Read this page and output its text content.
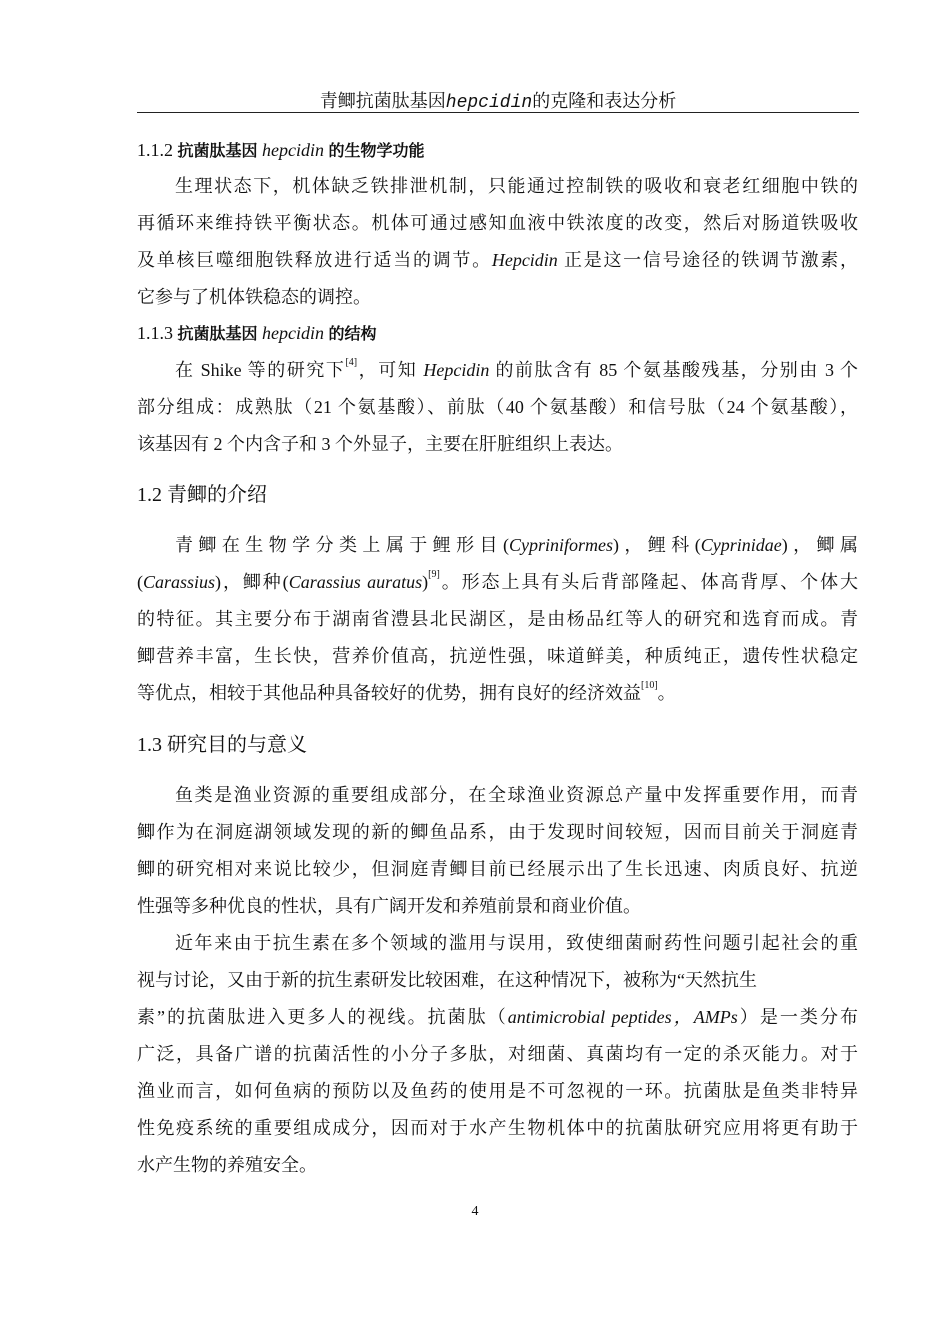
青鲫抗菌肽基因hepcidin的克隆和表达分析
1.1.2 抗菌肽基因 hepcidin 的生物学功能
生理状态下，机体缺乏铁排泄机制，只能通过控制铁的吸收和衰老红细胞中铁的
再循环来维持铁平衡状态。机体可通过感知血液中铁浓度的改变，然后对肠道铁吸收
及单核巨噬细胞铁释放进行适当的调节。Hepcidin 正是这一信号途径的铁调节激素，
它参与了机体铁稳态的调控。
1.1.3 抗菌肽基因 hepcidin 的结构
在 Shike 等的研究下[4]，可知 Hepcidin 的前肽含有 85 个氨基酸残基，分别由 3 个
部分组成：成熟肽（21 个氨基酸）、前肽（40 个氨基酸）和信号肽（24 个氨基酸），
该基因有 2 个内含子和 3 个外显子，主要在肝脏组织上表达。
1.2 青鲫的介绍
青鲫在生物学分类上属于鲤形目(Cypriniformes)，鲤科(Cyprinidae)，鲫属
(Carassius)，鲫种(Carassius auratus)[9]。形态上具有头后背部隆起、体高背厚、个体大
的特征。其主要分布于湖南省澧县北民湖区，是由杨品红等人的研究和选育而成。青
鲫营养丰富，生长快，营养价值高，抗逆性强，味道鲜美，种质纯正，遗传性状稳定
等优点，相较于其他品种具备较好的优势，拥有良好的经济效益[10]。
1.3 研究目的与意义
鱼类是渔业资源的重要组成部分，在全球渔业资源总产量中发挥重要作用，而青
鲫作为在洞庭湖领域发现的新的鲫鱼品系，由于发现时间较短，因而目前关于洞庭青
鲫的研究相对来说比较少，但洞庭青鲫目前已经展示出了生长迅速、肉质良好、抗逆
性强等多种优良的性状，具有广阔开发和养殖前景和商业价值。
近年来由于抗生素在多个领域的滥用与误用，致使细菌耐药性问题引起社会的重
视与讨论，又由于新的抗生素研发比较困难，在这种情况下，被称为“天然抗生
素”的抗菌肽进入更多人的视线。抗菌肽（antimicrobial peptides，AMPs）是一类分布
广泛，具备广谱的抗菌活性的小分子多肽，对细菌、真菌均有一定的杀灭能力。对于
渔业而言，如何鱼病的预防以及鱼药的使用是不可忽视的一环。抗菌肽是鱼类非特异
性免疫系统的重要组成成分，因而对于水产生物机体中的抗菌肽研究应用将更有助于
水产生物的养殖安全。
4
